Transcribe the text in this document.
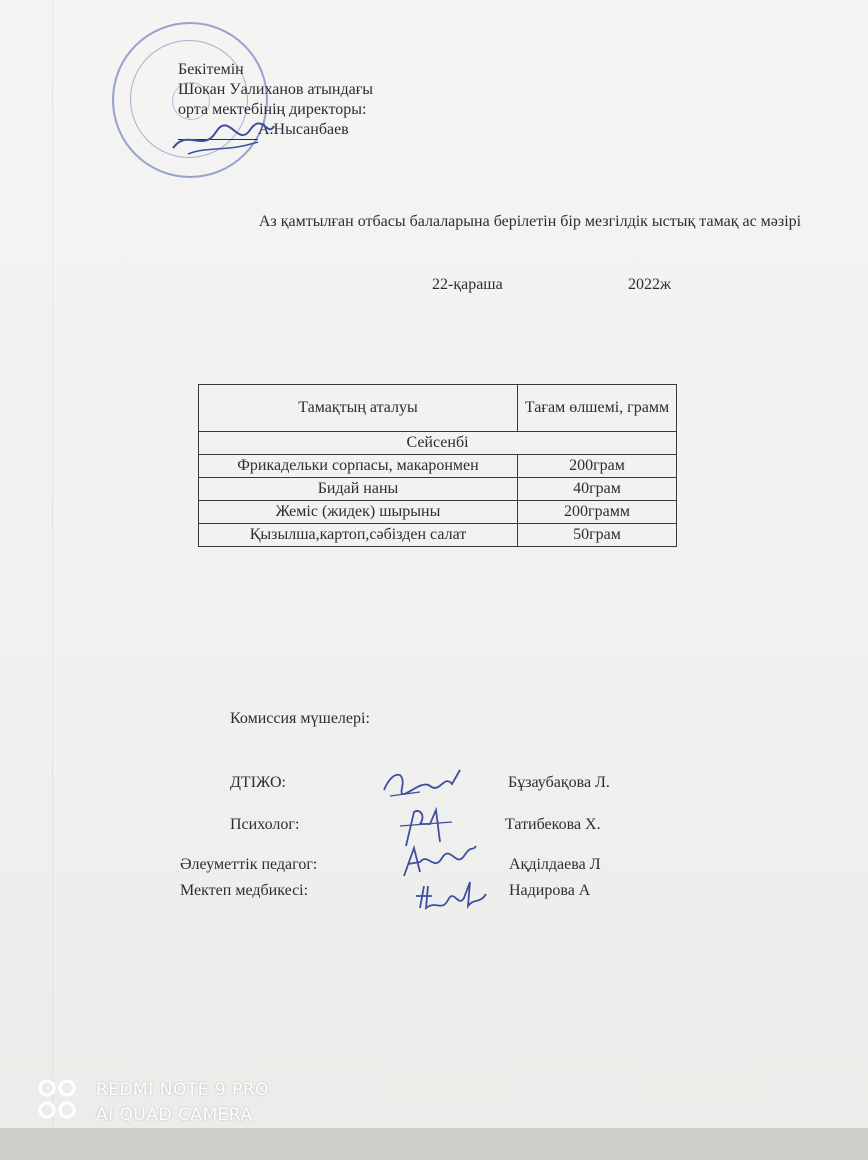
Бекітемін
Шокан Уалиханов атындағы
орта мектебінің директоры:
А.Нысанбаев
Аз қамтылған отбасы балаларына берілетін бір мезгілдік ыстық тамақ ас мәзірі
22-қараша	2022ж
Тамақтың аталуы	Тағам өлшемі, грамм
Сейсенбі	
Фрикадельки сорпасы, макаронмен	200грам
Бидай наны	40грам
Жеміс (жидек) шырыны	200грамм
Қызылша,картоп,сәбізден салат	50грам
Комиссия мүшелері:
ДТІЖО:	Бұзаубақова Л.
Психолог:	Татибекова Х.
Әлеуметтік педагог:	Ақділдаева Л
Мектеп медбикесі:	Надирова А
REDMI NOTE 9 PRO
AI QUAD CAMERA
